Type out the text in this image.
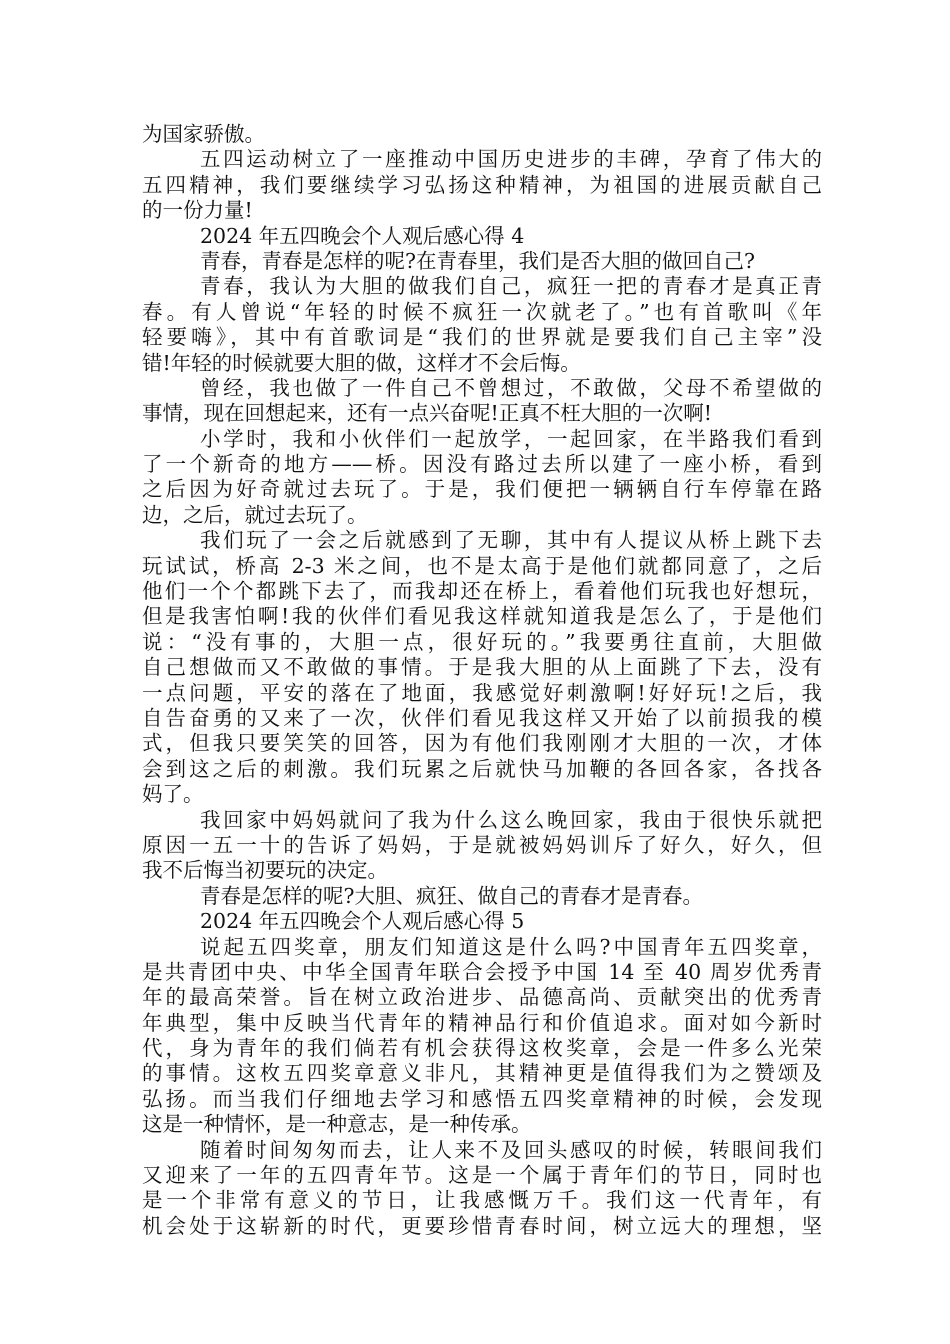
为国家骄傲。
五四运动树立了一座推动中国历史进步的丰碑，孕育了伟大的
五四精神，我们要继续学习弘扬这种精神，为祖国的进展贡献自己
的一份力量!
2024 年五四晚会个人观后感心得 4
青春，青春是怎样的呢?在青春里，我们是否大胆的做回自己?
青春，我认为大胆的做我们自己，疯狂一把的青春才是真正青
春。有人曾说“年轻的时候不疯狂一次就老了。”也有首歌叫《年
轻要嗨》，其中有首歌词是“我们的世界就是要我们自己主宰”没
错!年轻的时候就要大胆的做，这样才不会后悔。
曾经，我也做了一件自己不曾想过，不敢做，父母不希望做的
事情，现在回想起来，还有一点兴奋呢!正真不枉大胆的一次啊!
小学时，我和小伙伴们一起放学，一起回家，在半路我们看到
了一个新奇的地方——桥。因没有路过去所以建了一座小桥，看到
之后因为好奇就过去玩了。于是，我们便把一辆辆自行车停靠在路
边，之后，就过去玩了。
我们玩了一会之后就感到了无聊，其中有人提议从桥上跳下去
玩试试，桥高 2-3 米之间，也不是太高于是他们就都同意了，之后
他们一个个都跳下去了，而我却还在桥上，看着他们玩我也好想玩，
但是我害怕啊!我的伙伴们看见我这样就知道我是怎么了，于是他们
说：“没有事的，大胆一点，很好玩的。”我要勇往直前，大胆做
自己想做而又不敢做的事情。于是我大胆的从上面跳了下去，没有
一点问题，平安的落在了地面，我感觉好刺激啊!好好玩!之后，我
自告奋勇的又来了一次，伙伴们看见我这样又开始了以前损我的模
式，但我只要笑笑的回答，因为有他们我刚刚才大胆的一次，才体
会到这之后的刺激。我们玩累之后就快马加鞭的各回各家，各找各
妈了。
我回家中妈妈就问了我为什么这么晚回家，我由于很快乐就把
原因一五一十的告诉了妈妈，于是就被妈妈训斥了好久，好久，但
我不后悔当初要玩的决定。
青春是怎样的呢?大胆、疯狂、做自己的青春才是青春。
2024 年五四晚会个人观后感心得 5
说起五四奖章，朋友们知道这是什么吗?中国青年五四奖章，
是共青团中央、中华全国青年联合会授予中国 14 至 40 周岁优秀青
年的最高荣誉。旨在树立政治进步、品德高尚、贡献突出的优秀青
年典型，集中反映当代青年的精神品行和价值追求。面对如今新时
代，身为青年的我们倘若有机会获得这枚奖章，会是一件多么光荣
的事情。这枚五四奖章意义非凡，其精神更是值得我们为之赞颂及
弘扬。而当我们仔细地去学习和感悟五四奖章精神的时候，会发现
这是一种情怀，是一种意志，是一种传承。
随着时间匆匆而去，让人来不及回头感叹的时候，转眼间我们
又迎来了一年的五四青年节。这是一个属于青年们的节日，同时也
是一个非常有意义的节日，让我感慨万千。我们这一代青年，有
机会处于这崭新的时代，更要珍惜青春时间，树立远大的理想，坚
